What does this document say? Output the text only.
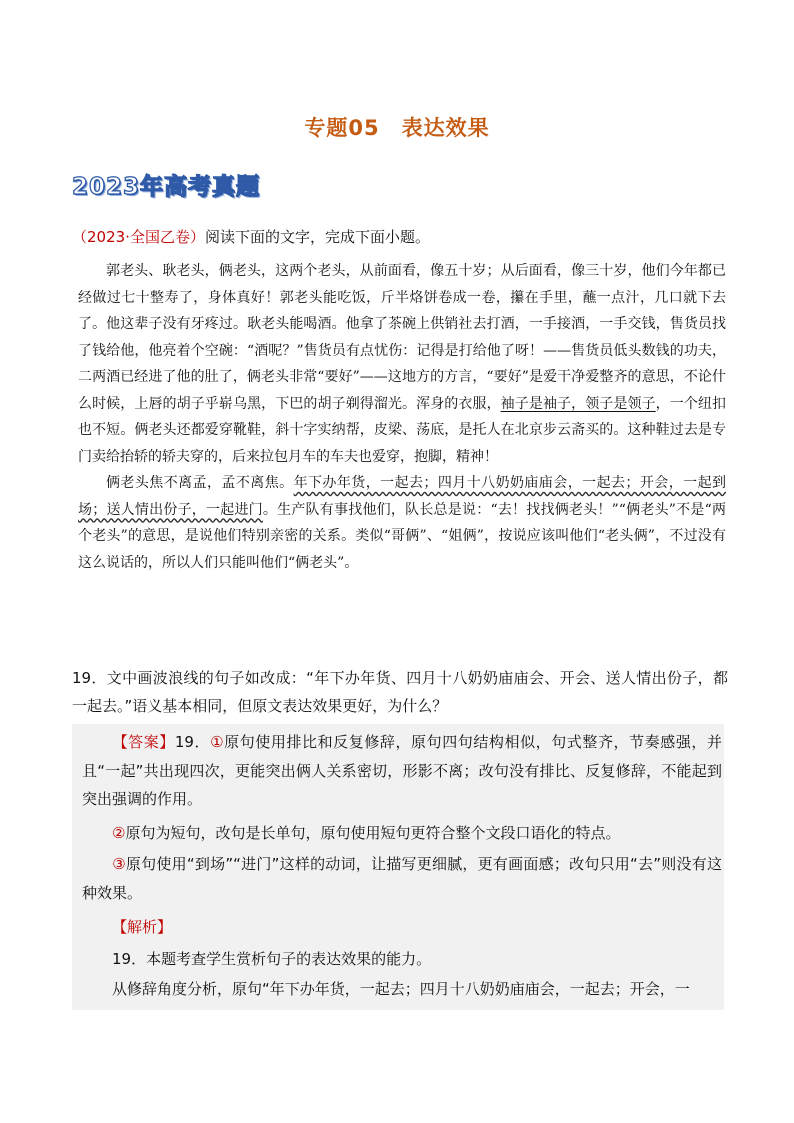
专题05 表达效果
2023年高考真题
（2023·全国乙卷）阅读下面的文字，完成下面小题。

郭老头、耿老头，俩老头，这两个老头，从前面看，像五十岁；从后面看，像三十岁，他们今年都已经做过七十整寿了，身体真好！郭老头能吃饭，斤半烙饼卷成一卷，攥在手里，蘸一点汁，几口就下去了。他这辈子没有牙疼过。耿老头能喝酒。他拿了茶碗上供销社去打酒，一手接酒，一手交钱，售货员找了钱给他，他亮着个空碗：“酒呢？”售货员有点忧伤：记得是打给他了呀！——售货员低头数钱的功夫，二两酒已经进了他的肚了，俩老头非常“要好”——这地方的方言，“要好”是爱干净爱整齐的意思，不论什么时候，上唇的胡子乎崭乌黑，下巴的胡子剃得溜光。浑身的衣服，袖子是袖子，领子是领子，一个纽扣也不短。俩老头还都爱穿靴鞋，斜十字实纳帮，皮梁、荡底，是托人在北京步云斋买的。这种鞋过去是专门卖给抬轿的轿夫穿的，后来拉包月车的车夫也爱穿，抱脚，精神！

俩老头焦不离孟，孟不离焦。年下办年货，一起去；四月十八奶奶庙庙会，一起去；开会，一起到场；送人情出份子，一起进门。生产队有事找他们，队长总是说：“去！找找俩老头！”“俩老头”不是“两个老头”的意思，是说他们特别亲密的关系。类似“哥俩”、“姐俩”，按说应该叫他们“老头俩”，不过没有这么说话的，所以人们只能叫他们“俩老头”。

19．文中画波浪线的句子如改成：“年下办年货、四月十八奶奶庙庙会、开会、送人情出份子，都一起去。”语义基本相同，但原文表达效果更好，为什么？
【答案】19．①原句使用排比和反复修辞，原句四句结构相似，句式整齐，节奏感强，并且“一起”共出现四次，更能突出俩人关系密切，形影不离；改句没有排比、反复修辞，不能起到突出强调的作用。
②原句为短句，改句是长单句，原句使用短句更符合整个文段口语化的特点。
③原句使用“到场”“进门”这样的动词，让描写更细腻，更有画面感；改句只用“去”则没有这种效果。
【解析】
19．本题考查学生赏析句子的表达效果的能力。
从修辞角度分析，原句“年下办年货，一起去；四月十八奶奶庙庙会，一起去；开会，一
